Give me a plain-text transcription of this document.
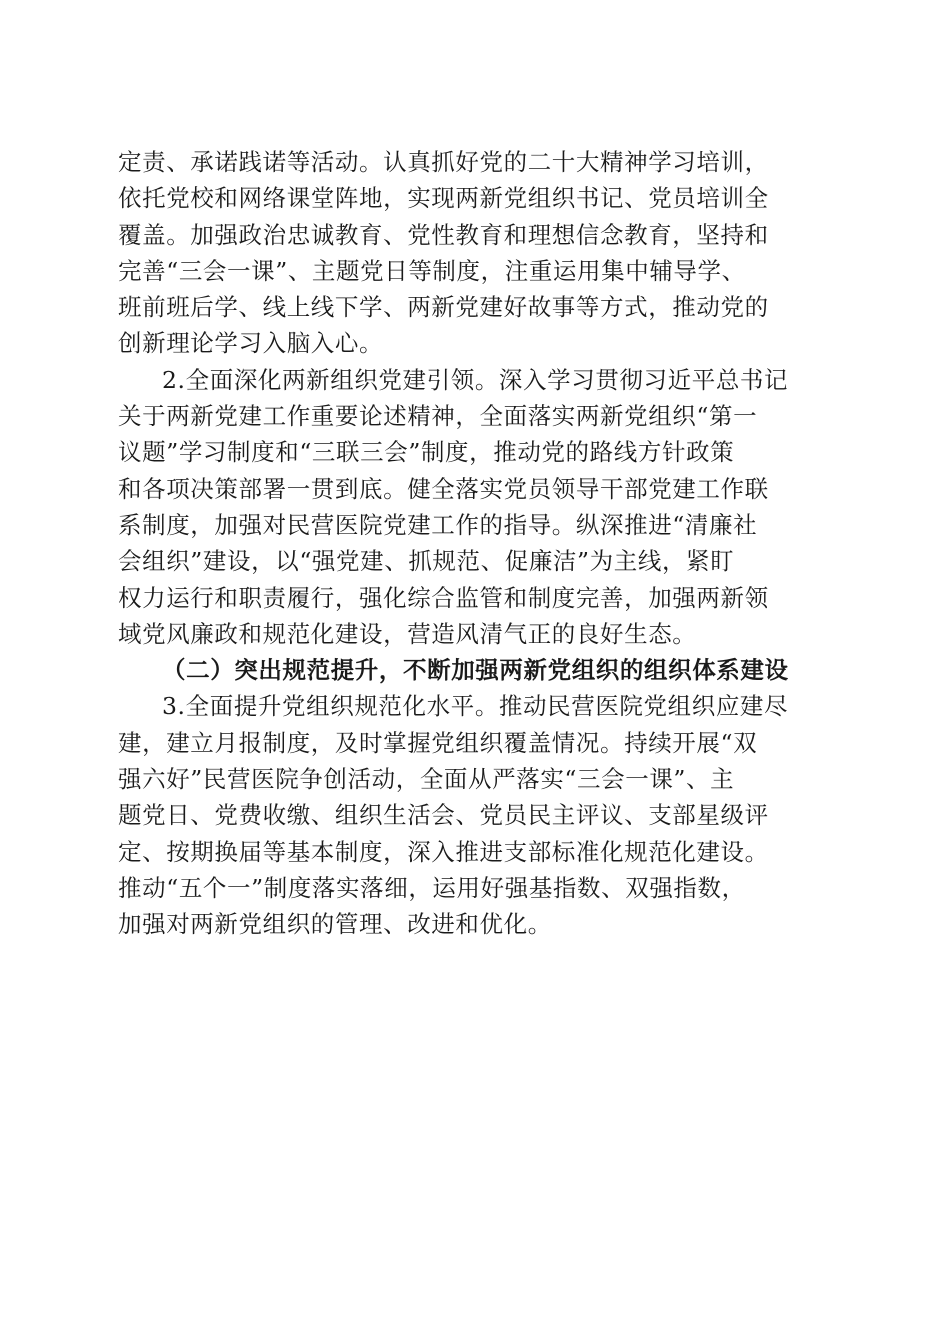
定责、承诺践诺等活动。认真抓好党的二十大精神学习培训，
依托党校和网络课堂阵地，实现两新党组织书记、党员培训全
覆盖。加强政治忠诚教育、党性教育和理想信念教育，坚持和
完善“三会一课”、主题党日等制度，注重运用集中辅导学、
班前班后学、线上线下学、两新党建好故事等方式，推动党的
创新理论学习入脑入心。
2.全面深化两新组织党建引领。深入学习贯彻习近平总书记
关于两新党建工作重要论述精神，全面落实两新党组织“第一
议题”学习制度和“三联三会”制度，推动党的路线方针政策
和各项决策部署一贯到底。健全落实党员领导干部党建工作联
系制度，加强对民营医院党建工作的指导。纵深推进“清廉社
会组织”建设，以“强党建、抓规范、促廉洁”为主线，紧盯
权力运行和职责履行，强化综合监管和制度完善，加强两新领
域党风廉政和规范化建设，营造风清气正的良好生态。
（二）突出规范提升，不断加强两新党组织的组织体系建设
3.全面提升党组织规范化水平。推动民营医院党组织应建尽
建，建立月报制度，及时掌握党组织覆盖情况。持续开展“双
强六好”民营医院争创活动，全面从严落实“三会一课”、主
题党日、党费收缴、组织生活会、党员民主评议、支部星级评
定、按期换届等基本制度，深入推进支部标准化规范化建设。
推动“五个一”制度落实落细，运用好强基指数、双强指数，
加强对两新党组织的管理、改进和优化。
